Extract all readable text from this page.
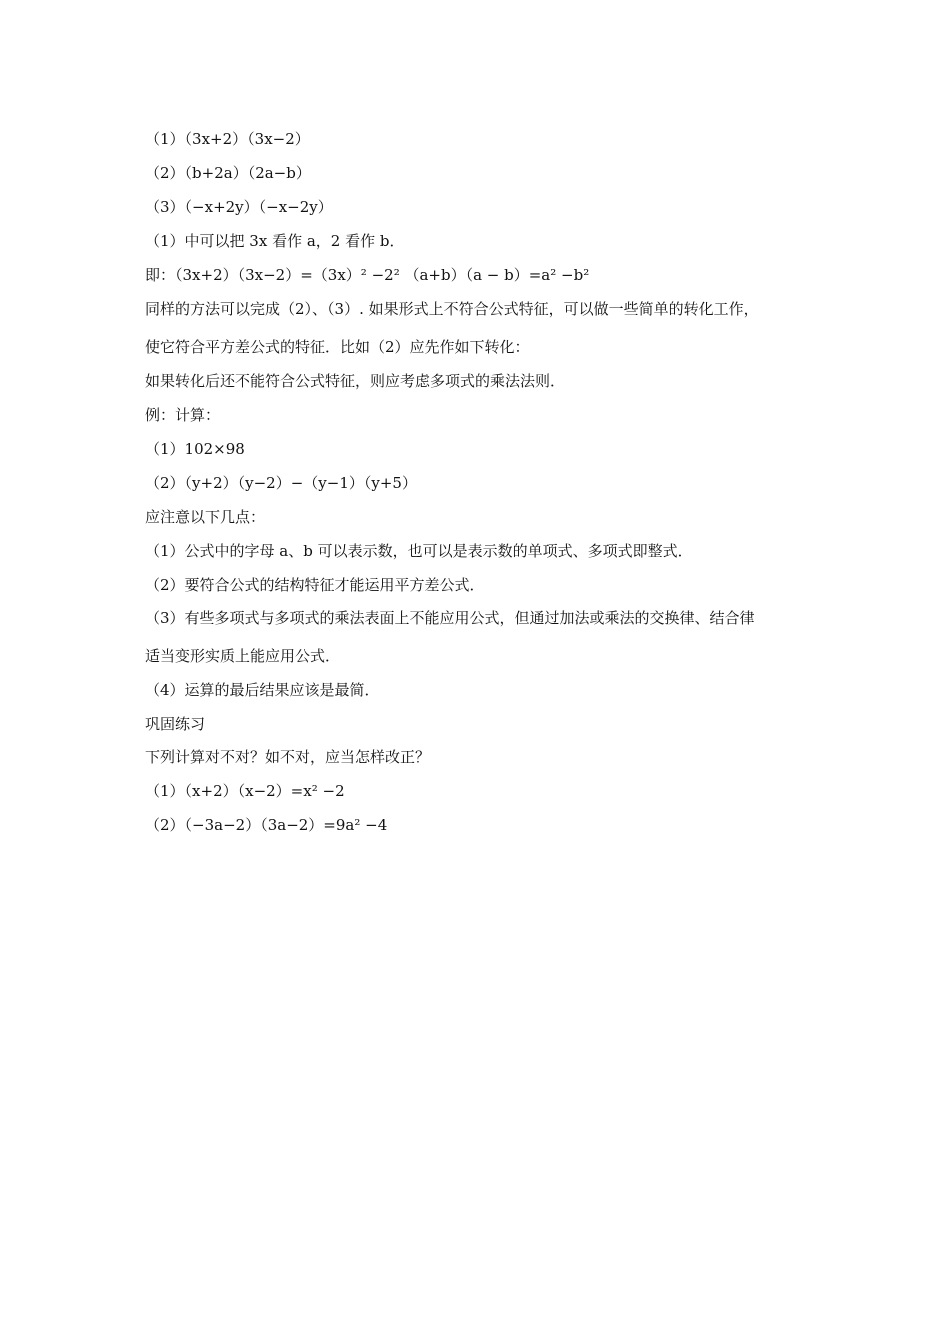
（1）（3x+2）（3x−2）
（2）（b+2a）（2a−b）
（3）（−x+2y）（−x−2y）
（1）中可以把 3x 看作 a，2 看作 b．
即：（3x+2）（3x−2）=（3x）² −2² （a+b）（a − b）=a² −b²
同样的方法可以完成（2）、（3）. 如果形式上不符合公式特征，可以做一些简单的转化工作，
使它符合平方差公式的特征．比如（2）应先作如下转化：
如果转化后还不能符合公式特征，则应考虑多项式的乘法法则．
例：计算：
（1）102×98
（2）（y+2）（y−2）−（y−1）（y+5）
应注意以下几点：
（1）公式中的字母 a、b 可以表示数，也可以是表示数的单项式、多项式即整式．
（2）要符合公式的结构特征才能运用平方差公式．
（3）有些多项式与多项式的乘法表面上不能应用公式，但通过加法或乘法的交换律、结合律
适当变形实质上能应用公式．
（4）运算的最后结果应该是最简．
巩固练习
下列计算对不对？如不对，应当怎样改正？
（1）（x+2）（x−2）=x² −2
（2）（−3a−2）（3a−2）=9a² −4
